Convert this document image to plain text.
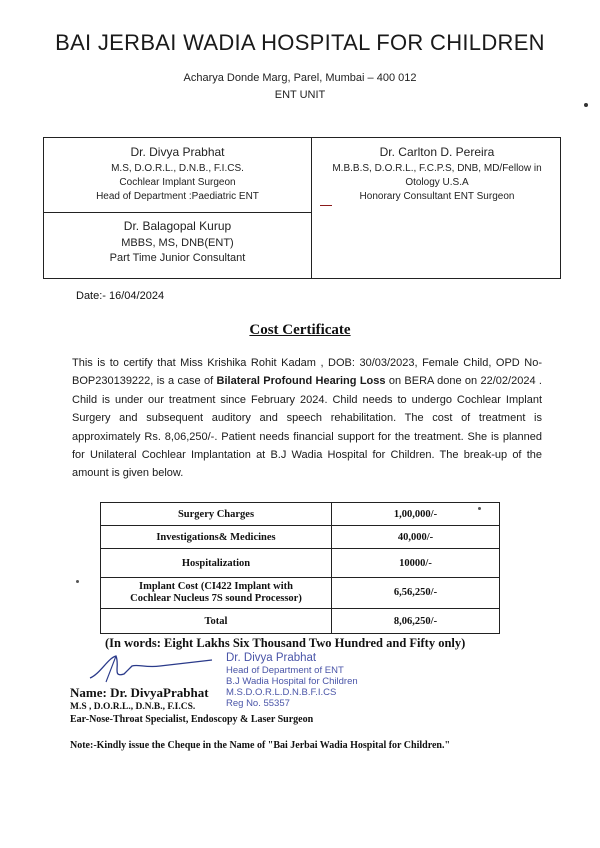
BAI JERBAI WADIA HOSPITAL FOR CHILDREN
Acharya Donde Marg, Parel, Mumbai – 400 012
ENT UNIT
Dr. Divya Prabhat
M.S, D.O.R.L., D.N.B., F.I.CS.
Cochlear Implant Surgeon
Head of Department :Paediatric ENT
Dr. Carlton D. Pereira
M.B.B.S, D.O.R.L., F.C.P.S, DNB, MD/Fellow in
Otology U.S.A
Honorary Consultant ENT Surgeon
Dr. Balagopal Kurup
MBBS, MS, DNB(ENT)
Part Time Junior Consultant
Date:- 16/04/2024
Cost Certificate
This is to certify that Miss Krishika Rohit Kadam , DOB: 30/03/2023, Female Child, OPD No-BOP230139222, is a case of Bilateral Profound Hearing Loss on BERA done on 22/02/2024 . Child is under our treatment since February 2024. Child needs to undergo Cochlear Implant Surgery and subsequent auditory and speech rehabilitation. The cost of treatment is approximately Rs. 8,06,250/-. Patient needs financial support for the treatment. She is planned for Unilateral Cochlear Implantation at B.J Wadia Hospital for Children. The break-up of the amount is given below.
Surgery Charges	1,00,000/-
Investigations& Medicines	40,000/-
Hospitalization	10000/-

Implant Cost (CI422 Implant with
Cochlear Nucleus 7S sound Processor)	6,56,250/-
Total	8,06,250/-
(In words: Eight Lakhs Six Thousand Two Hundred and Fifty only)
Dr. Divya Prabhat
Head of Department of ENT
B.J Wadia Hospital for Children
M.S.D.O.R.L.D.N.B.F.I.CS
Reg No. 55357
Name: Dr. DivyaPrabhat
M.S , D.O.R.L., D.N.B., F.I.CS.
Ear-Nose-Throat Specialist, Endoscopy & Laser Surgeon
Note:-Kindly issue the Cheque in the Name of "Bai Jerbai Wadia Hospital for Children."
